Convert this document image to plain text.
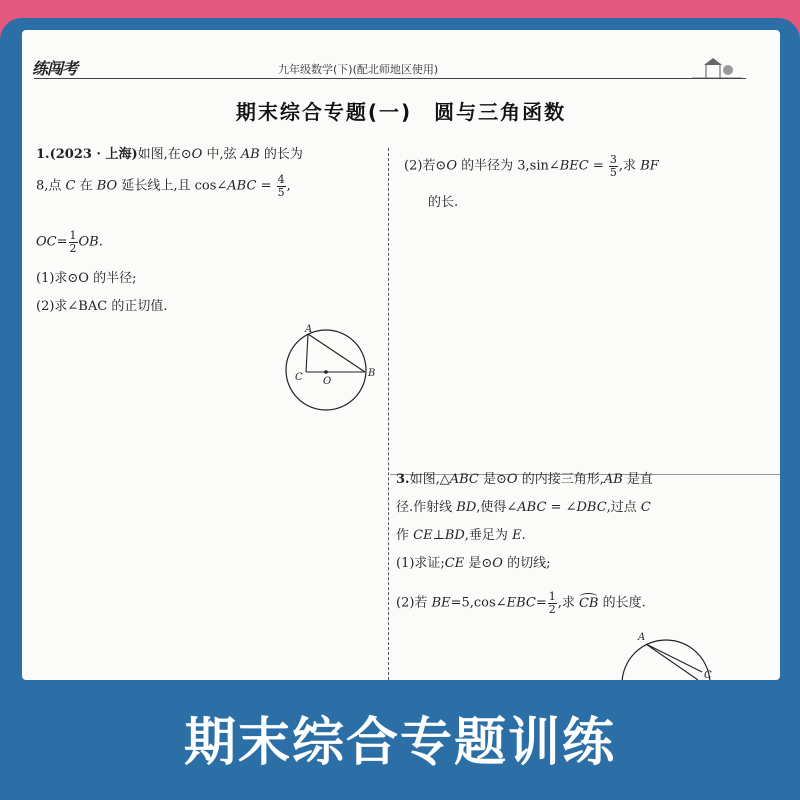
练闯考	九年级数学(下)(配北师地区使用)
期末综合专题(一)　圆与三角函数
1.(2023 · 上海)如图,在⊙O 中,弦 AB 的长为
8,点 C 在 BO 延长线上,且 cos∠ABC = $\frac{4}{5}$ ,
$OC= \frac{1}{2}$ OB.
(1)求⊙O 的半径;
(2)求∠BAC 的正切值.
A
B
C O
(2)若⊙O 的半径为 3,sin∠BEC = $\frac{3}{5}$ ,求 BF
的长.
3.如图,△ABC 是⊙O 的内接三角形,AB 是直
径.作射线 BD,使得∠ABC = ∠DBC,过点 C
作 CE⊥BD,垂足为 E.
(1)求证;CE 是⊙O 的切线;
(2)若 BE=5,cos∠EBC= $\frac{1}{2}$ ,求 CB 的长度.
A
C
期末综合专题训练
